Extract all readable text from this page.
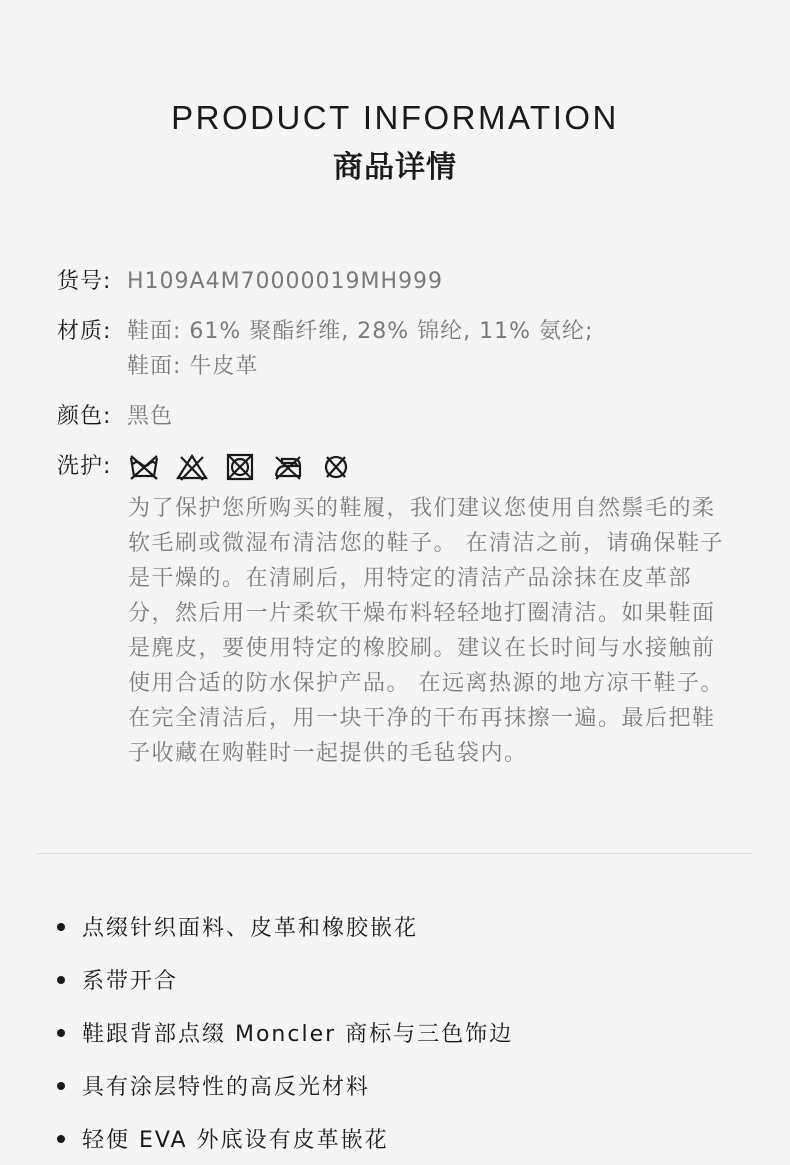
PRODUCT INFORMATION
商品详情
货号: H109A4M70000019MH999
材质: 鞋面: 61% 聚酯纤维, 28% 锦纶, 11% 氨纶;
鞋面: 牛皮革
颜色: 黑色
洗护:
为了保护您所购买的鞋履，我们建议您使用自然鬃毛的柔软毛刷或微湿布清洁您的鞋子。 在清洁之前，请确保鞋子是干燥的。在清刷后，用特定的清洁产品涂抹在皮革部分，然后用一片柔软干燥布料轻轻地打圈清洁。如果鞋面是麂皮，要使用特定的橡胶刷。建议在长时间与水接触前使用合适的防水保护产品。 在远离热源的地方凉干鞋子。在完全清洁后，用一块干净的干布再抹擦一遍。最后把鞋子收藏在购鞋时一起提供的毛毡袋内。
点缀针织面料、皮革和橡胶嵌花
系带开合
鞋跟背部点缀 Moncler 商标与三色饰边
具有涂层特性的高反光材料
轻便 EVA 外底设有皮革嵌花
